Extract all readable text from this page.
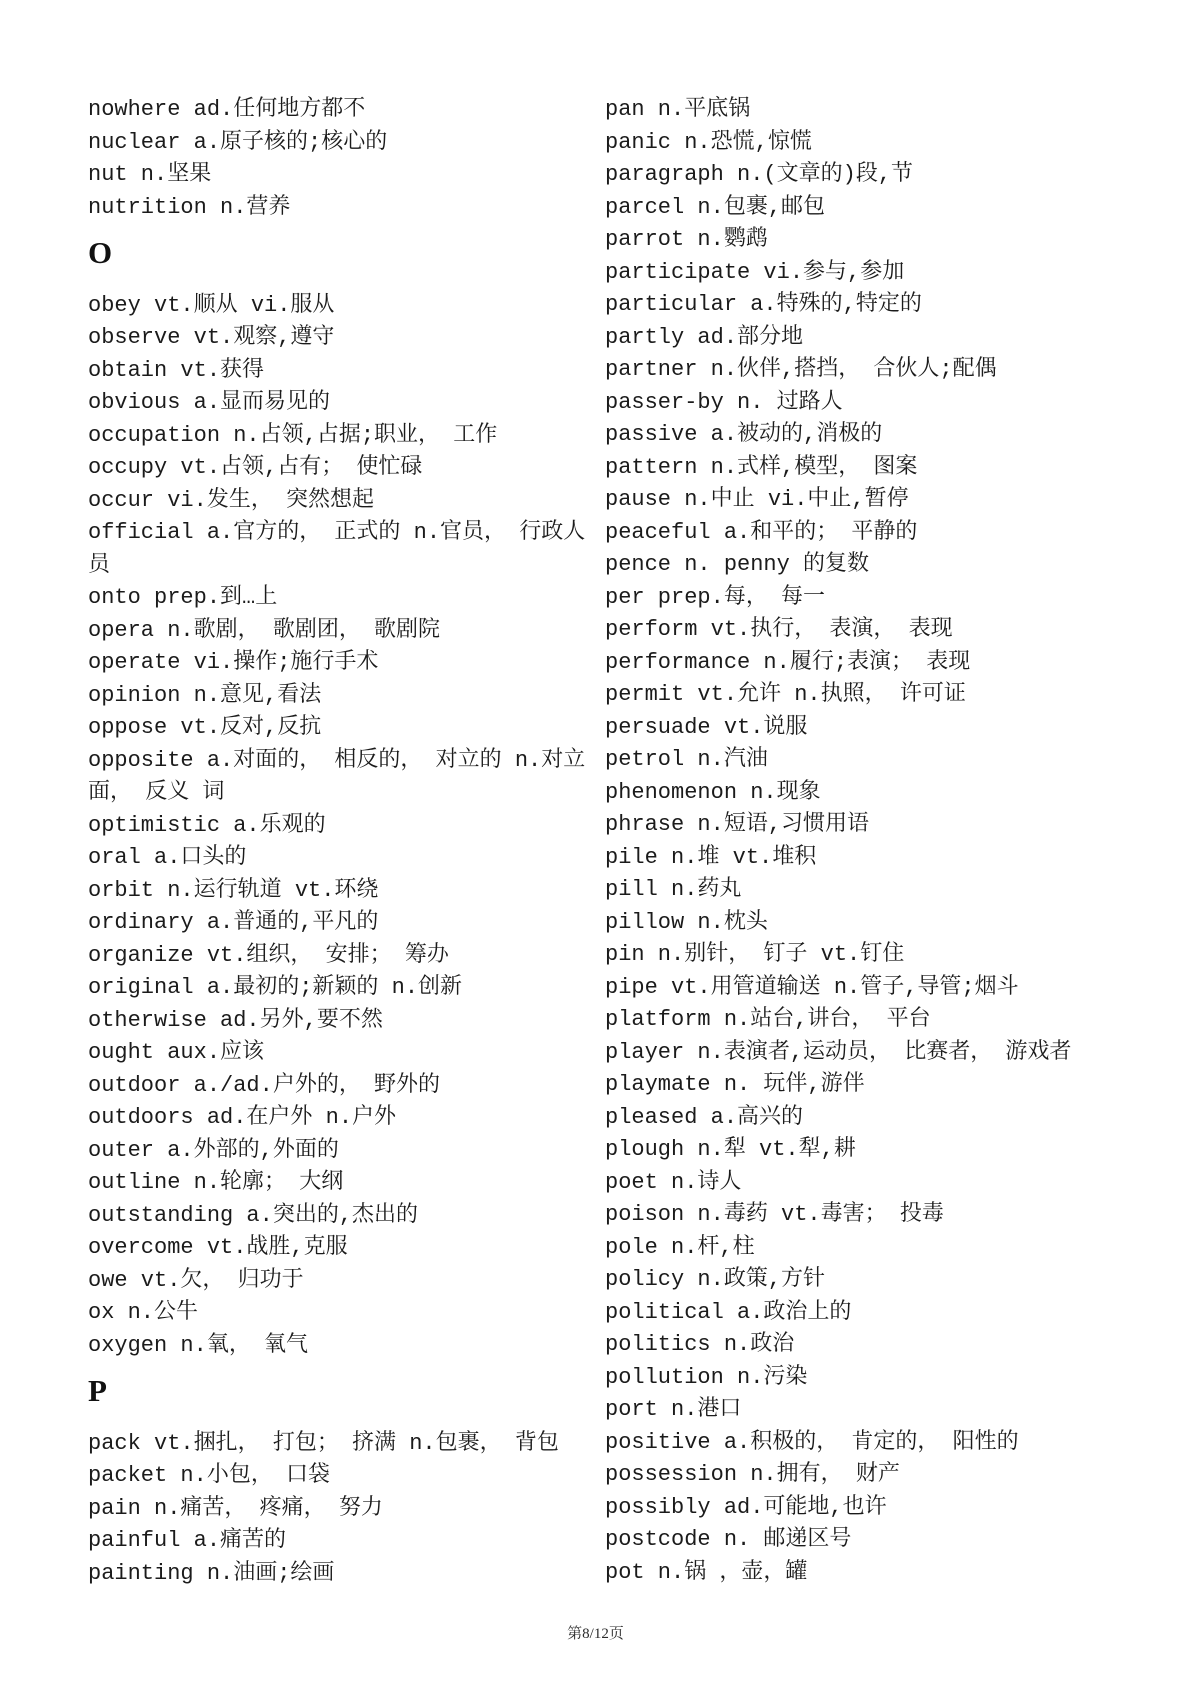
nowhere ad.任何地方都不
nuclear a.原子核的;核心的
nut n.坚果
nutrition n.营养
O
obey vt.顺从 vi.服从
observe vt.观察,遵守
obtain vt.获得
obvious a.显而易见的
occupation n.占领,占据;职业， 工作
occupy vt.占领,占有； 使忙碌
occur vi.发生， 突然想起
official a.官方的， 正式的 n.官员， 行政人
员
onto prep.到…上
opera n.歌剧， 歌剧团， 歌剧院
operate vi.操作;施行手术
opinion n.意见,看法
oppose vt.反对,反抗
opposite a.对面的， 相反的， 对立的 n.对立
面， 反义 词
optimistic a.乐观的
oral a.口头的
orbit n.运行轨道 vt.环绕
ordinary a.普通的,平凡的
organize vt.组织， 安排； 筹办
original a.最初的;新颖的 n.创新
otherwise ad.另外,要不然
ought aux.应该
outdoor a./ad.户外的， 野外的
outdoors ad.在户外 n.户外
outer a.外部的,外面的
outline n.轮廓； 大纲
outstanding a.突出的,杰出的
overcome vt.战胜,克服
owe vt.欠， 归功于
ox n.公牛
oxygen n.氧， 氧气
P
pack vt.捆扎， 打包； 挤满 n.包裹， 背包
packet n.小包， 口袋
pain n.痛苦， 疼痛， 努力
painful a.痛苦的
painting n.油画;绘画
pan n.平底锅
panic n.恐慌,惊慌
paragraph n.(文章的)段,节
parcel n.包裹,邮包
parrot n.鹦鹉
participate vi.参与,参加
particular a.特殊的,特定的
partly ad.部分地
partner n.伙伴,搭挡， 合伙人;配偶
passer-by n. 过路人
passive a.被动的,消极的
pattern n.式样,模型， 图案
pause n.中止 vi.中止,暂停
peaceful a.和平的； 平静的
pence n. penny 的复数
per prep.每， 每一
perform vt.执行， 表演， 表现
performance n.履行;表演； 表现
permit vt.允许 n.执照， 许可证
persuade vt.说服
petrol n.汽油
phenomenon n.现象
phrase n.短语,习惯用语
pile n.堆 vt.堆积
pill n.药丸
pillow n.枕头
pin n.别针， 钉子 vt.钉住
pipe vt.用管道输送 n.管子,导管;烟斗
platform n.站台,讲台， 平台
player n.表演者,运动员， 比赛者， 游戏者
playmate n. 玩伴,游伴
pleased a.高兴的
plough n.犁 vt.犁,耕
poet n.诗人
poison n.毒药 vt.毒害； 投毒
pole n.杆,柱
policy n.政策,方针
political a.政治上的
politics n.政治
pollution n.污染
port n.港口
positive a.积极的， 肯定的， 阳性的
possession n.拥有， 财产
possibly ad.可能地,也许
postcode n. 邮递区号
pot n.锅 ，壶，罐
第8/12页
